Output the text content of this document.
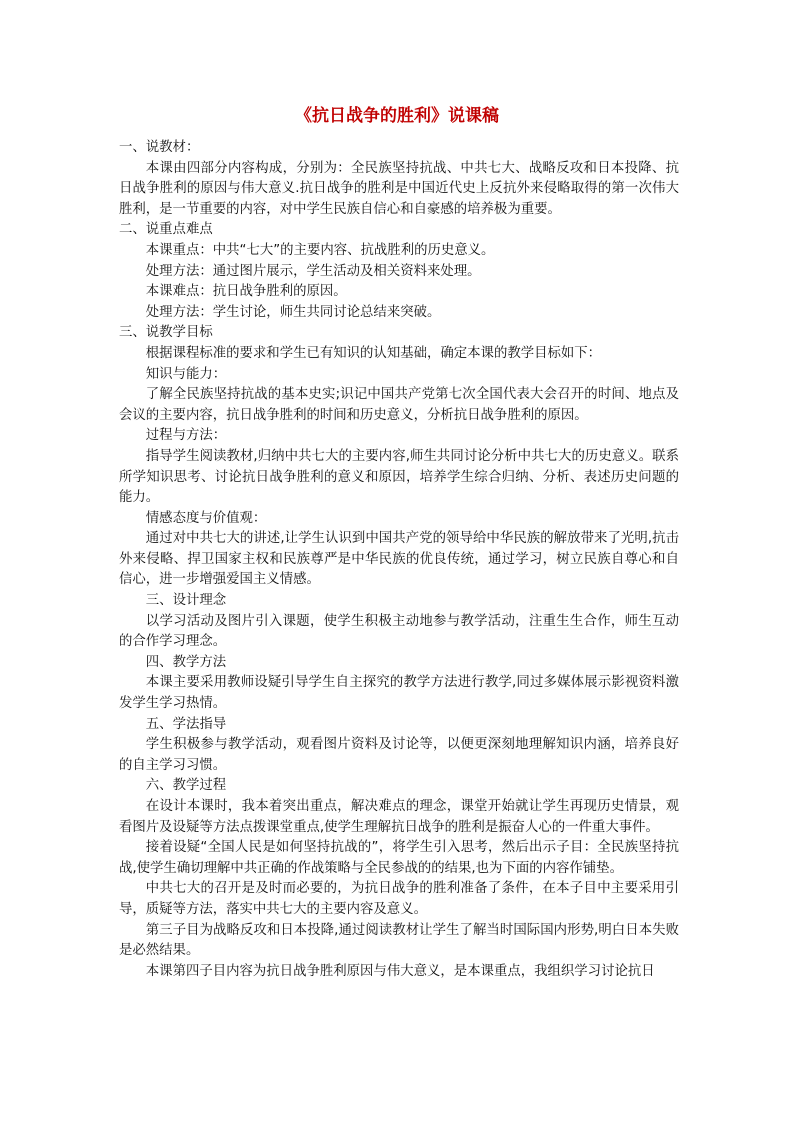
《抗日战争的胜利》说课稿

一、说教材：

本课由四部分内容构成，分别为：全民族坚持抗战、中共七大、战略反攻和日本投降、抗日战争胜利的原因与伟大意义.抗日战争的胜利是中国近代史上反抗外来侵略取得的第一次伟大胜利，是一节重要的内容，对中学生民族自信心和自豪感的培养极为重要。

二、说重点难点

本课重点：中共“七大”的主要内容、抗战胜利的历史意义。

处理方法：通过图片展示，学生活动及相关资料来处理。

本课难点：抗日战争胜利的原因。

处理方法：学生讨论，师生共同讨论总结来突破。

三、说教学目标

根据课程标准的要求和学生已有知识的认知基础，确定本课的教学目标如下：

知识与能力：

了解全民族坚持抗战的基本史实;识记中国共产党第七次全国代表大会召开的时间、地点及会议的主要内容，抗日战争胜利的时间和历史意义，分析抗日战争胜利的原因。

过程与方法：

指导学生阅读教材,归纳中共七大的主要内容,师生共同讨论分析中共七大的历史意义。联系所学知识思考、讨论抗日战争胜利的意义和原因，培养学生综合归纳、分析、表述历史问题的能力。

情感态度与价值观：

通过对中共七大的讲述,让学生认识到中国共产党的领导给中华民族的解放带来了光明,抗击外来侵略、捍卫国家主权和民族尊严是中华民族的优良传统，通过学习，树立民族自尊心和自信心，进一步增强爱国主义情感。

三、设计理念

以学习活动及图片引入课题，使学生积极主动地参与教学活动，注重生生合作，师生互动的合作学习理念。

四、教学方法

本课主要采用教师设疑引导学生自主探究的教学方法进行教学,同过多媒体展示影视资料激发学生学习热情。

五、学法指导

学生积极参与教学活动，观看图片资料及讨论等，以便更深刻地理解知识内涵，培养良好的自主学习习惯。

六、教学过程

在设计本课时，我本着突出重点，解决难点的理念，课堂开始就让学生再现历史情景，观看图片及设疑等方法点拨课堂重点,使学生理解抗日战争的胜利是振奋人心的一件重大事件。

接着设疑“全国人民是如何坚持抗战的”，将学生引入思考，然后出示子目：全民族坚持抗战,使学生确切理解中共正确的作战策略与全民参战的的结果,也为下面的内容作铺垫。

中共七大的召开是及时而必要的，为抗日战争的胜利准备了条件，在本子目中主要采用引导，质疑等方法，落实中共七大的主要内容及意义。

第三子目为战略反攻和日本投降,通过阅读教材让学生了解当时国际国内形势,明白日本失败是必然结果。

本课第四子目内容为抗日战争胜利原因与伟大意义，是本课重点，我组织学习讨论抗日
